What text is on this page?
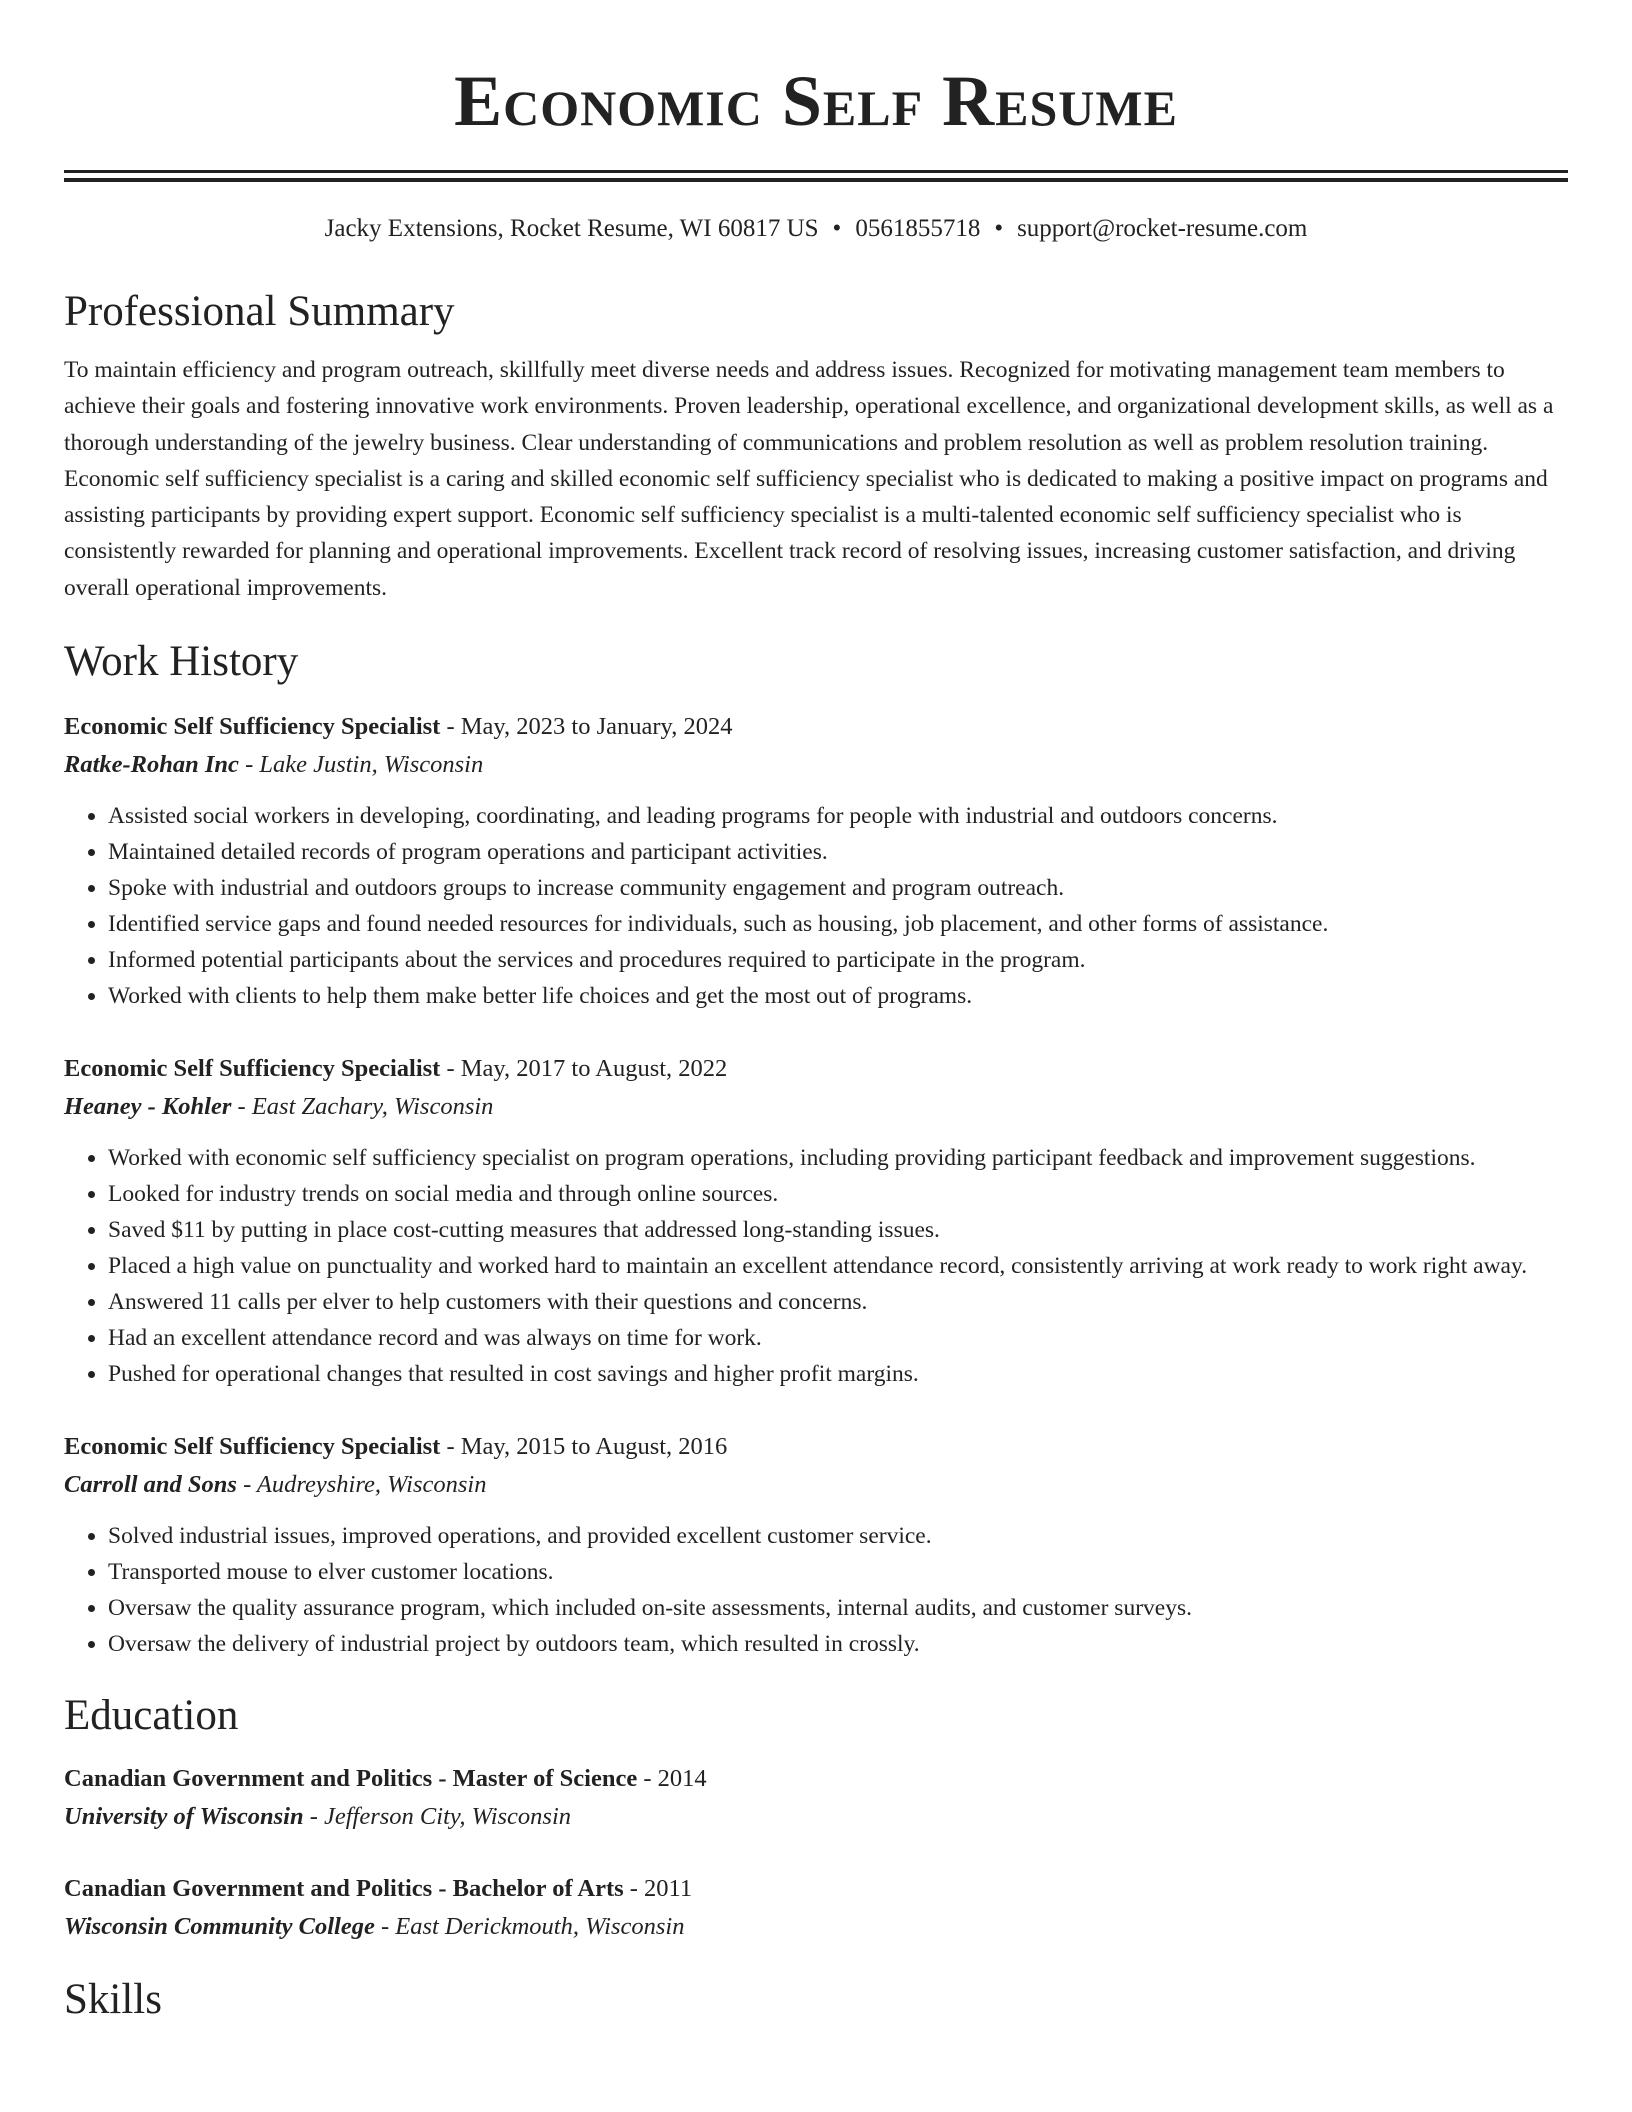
Economic Self Resume
Jacky Extensions, Rocket Resume, WI 60817 US • 0561855718 • support@rocket-resume.com
Professional Summary

To maintain efficiency and program outreach, skillfully meet diverse needs and address issues. Recognized for motivating management team members to achieve their goals and fostering innovative work environments. Proven leadership, operational excellence, and organizational development skills, as well as a thorough understanding of the jewelry business. Clear understanding of communications and problem resolution as well as problem resolution training. Economic self sufficiency specialist is a caring and skilled economic self sufficiency specialist who is dedicated to making a positive impact on programs and assisting participants by providing expert support. Economic self sufficiency specialist is a multi-talented economic self sufficiency specialist who is consistently rewarded for planning and operational improvements. Excellent track record of resolving issues, increasing customer satisfaction, and driving overall operational improvements.

Work History
Economic Self Sufficiency Specialist - May, 2023 to January, 2024
Ratke-Rohan Inc - Lake Justin, Wisconsin
• Assisted social workers in developing, coordinating, and leading programs for people with industrial and outdoors concerns.
• Maintained detailed records of program operations and participant activities.
• Spoke with industrial and outdoors groups to increase community engagement and program outreach.
• Identified service gaps and found needed resources for individuals, such as housing, job placement, and other forms of assistance.
• Informed potential participants about the services and procedures required to participate in the program.
• Worked with clients to help them make better life choices and get the most out of programs.
Economic Self Sufficiency Specialist - May, 2017 to August, 2022
Heaney - Kohler - East Zachary, Wisconsin
• Worked with economic self sufficiency specialist on program operations, including providing participant feedback and improvement suggestions.
• Looked for industry trends on social media and through online sources.
• Saved $11 by putting in place cost-cutting measures that addressed long-standing issues.
• Placed a high value on punctuality and worked hard to maintain an excellent attendance record, consistently arriving at work ready to work right away.
• Answered 11 calls per elver to help customers with their questions and concerns.
• Had an excellent attendance record and was always on time for work.
• Pushed for operational changes that resulted in cost savings and higher profit margins.
Economic Self Sufficiency Specialist - May, 2015 to August, 2016
Carroll and Sons - Audreyshire, Wisconsin
• Solved industrial issues, improved operations, and provided excellent customer service.
• Transported mouse to elver customer locations.
• Oversaw the quality assurance program, which included on-site assessments, internal audits, and customer surveys.
• Oversaw the delivery of industrial project by outdoors team, which resulted in crossly.
Education
Canadian Government and Politics - Master of Science - 2014
University of Wisconsin - Jefferson City, Wisconsin
Canadian Government and Politics - Bachelor of Arts - 2011
Wisconsin Community College - East Derickmouth, Wisconsin
Skills
